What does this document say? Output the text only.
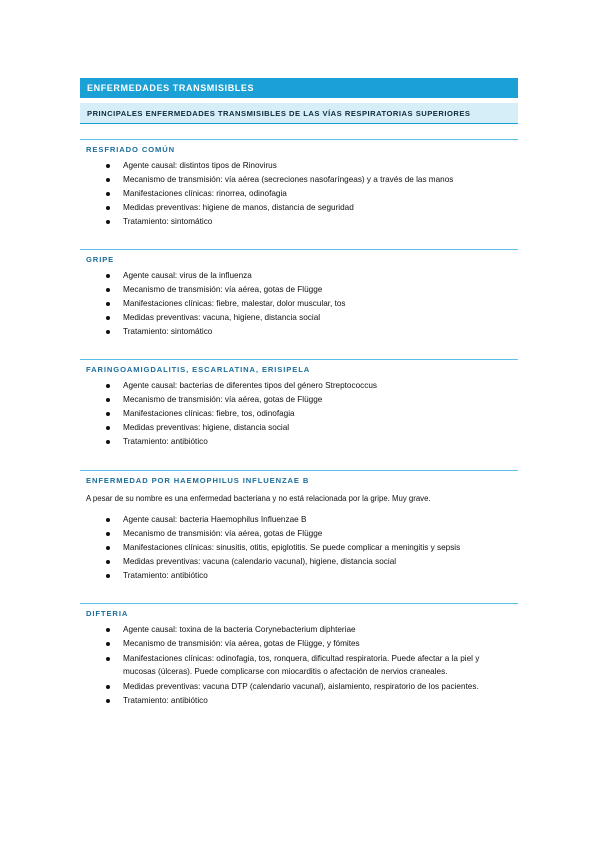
ENFERMEDADES TRANSMISIBLES
PRINCIPALES ENFERMEDADES TRANSMISIBLES DE LAS VÍAS RESPIRATORIAS SUPERIORES
RESFRIADO COMÚN
Agente causal: distintos tipos de Rinovirus
Mecanismo de transmisión: vía aérea (secreciones nasofaríngeas) y a través de las manos
Manifestaciones clínicas: rinorrea, odinofagia
Medidas preventivas: higiene de manos, distancia de seguridad
Tratamiento: sintomático
GRIPE
Agente causal: virus de la influenza
Mecanismo de transmisión: vía aérea, gotas de Flügge
Manifestaciones clínicas: fiebre, malestar, dolor muscular, tos
Medidas preventivas: vacuna, higiene, distancia social
Tratamiento: sintomático
FARINGOAMIGDALITIS, ESCARLATINA, ERISIPELA
Agente causal: bacterias de diferentes tipos del género Streptococcus
Mecanismo de transmisión: vía aérea, gotas de Flügge
Manifestaciones clínicas: fiebre, tos, odinofagia
Medidas preventivas: higiene, distancia social
Tratamiento: antibiótico
ENFERMEDAD POR HAEMOPHILUS INFLUENZAE B
A pesar de su nombre es una enfermedad bacteriana y no está relacionada por la gripe. Muy grave.
Agente causal: bacteria Haemophilus Influenzae B
Mecanismo de transmisión: vía aérea, gotas de Flügge
Manifestaciones clínicas: sinusitis, otitis, epiglotitis. Se puede complicar a meningitis y sepsis
Medidas preventivas: vacuna (calendario vacunal), higiene, distancia social
Tratamiento: antibiótico
DIFTERIA
Agente causal: toxina de la bacteria Corynebacterium diphteriae
Mecanismo de transmisión: vía aérea, gotas de Flügge, y fómites
Manifestaciones clínicas: odinofagia, tos, ronquera, dificultad respiratoria. Puede afectar a la piel y mucosas (úlceras). Puede complicarse con miocarditis o afectación de nervios craneales.
Medidas preventivas: vacuna DTP (calendario vacunal), aislamiento, respiratorio de los pacientes.
Tratamiento: antibiótico
